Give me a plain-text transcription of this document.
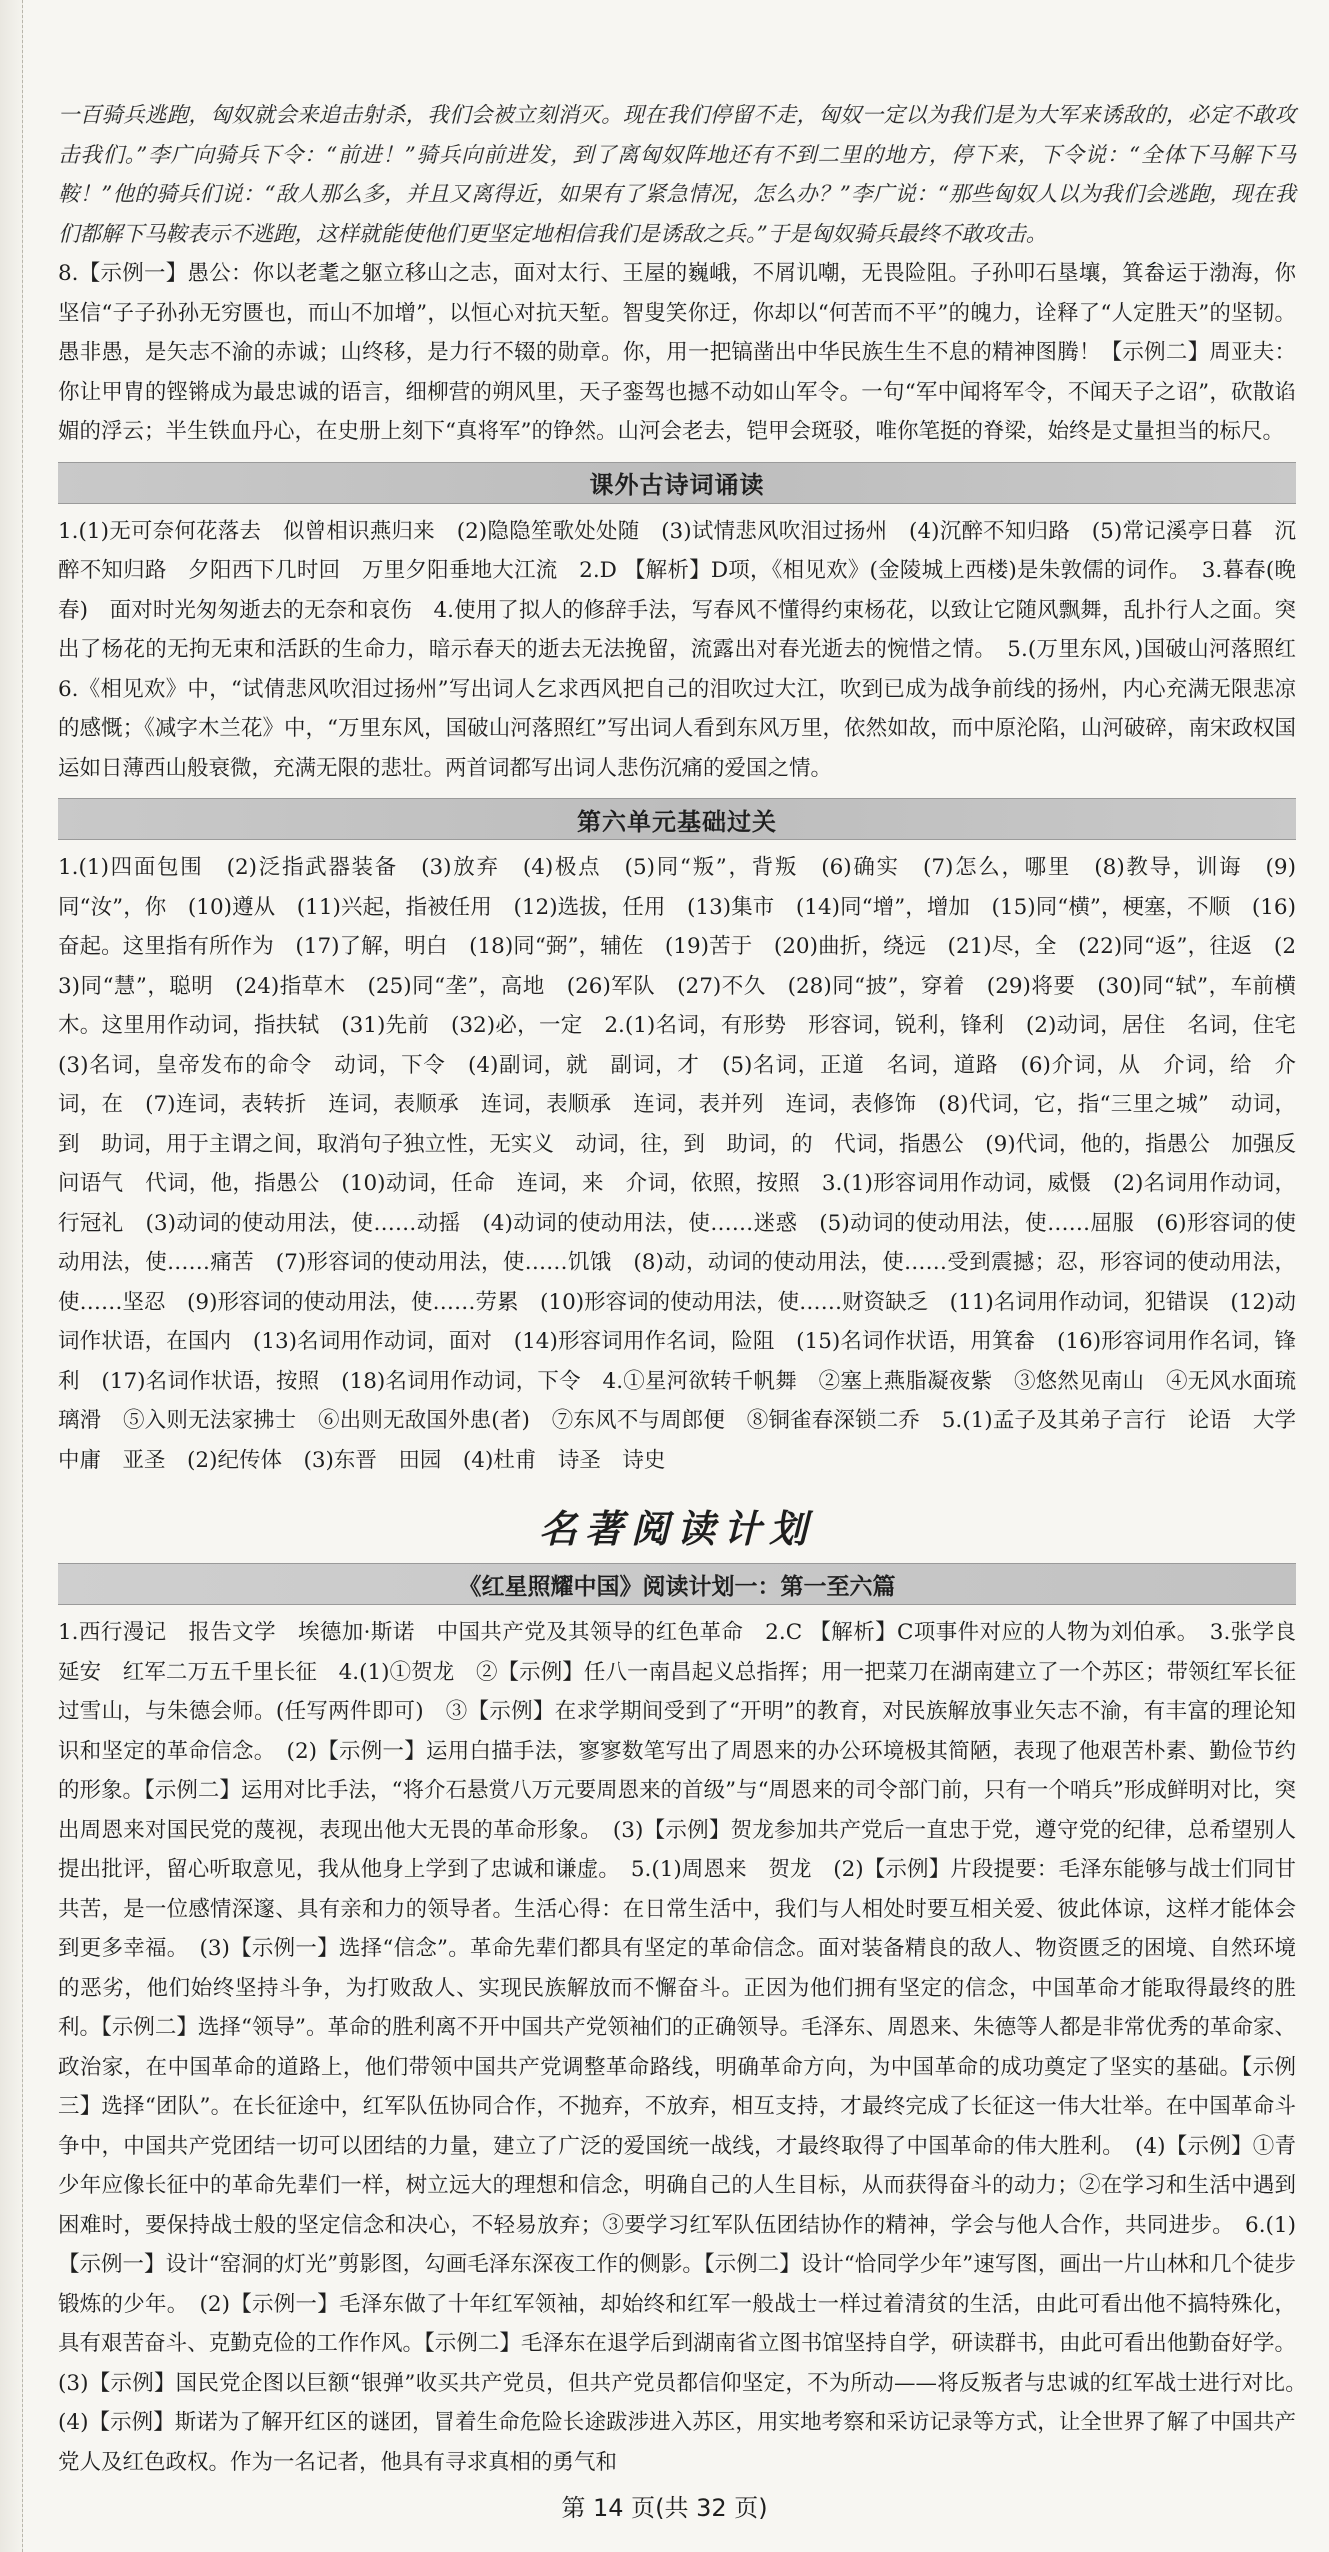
一百骑兵逃跑，匈奴就会来追击射杀，我们会被立刻消灭。现在我们停留不走，匈奴一定以为我们是为大军来诱敌的，必定不敢攻击我们。”李广向骑兵下令：“前进！”骑兵向前进发，到了离匈奴阵地还有不到二里的地方，停下来，下令说：“全体下马解下马鞍！”他的骑兵们说：“敌人那么多，并且又离得近，如果有了紧急情况，怎么办？”李广说：“那些匈奴人以为我们会逃跑，现在我们都解下马鞍表示不逃跑，这样就能使他们更坚定地相信我们是诱敌之兵。”于是匈奴骑兵最终不敢攻击。

8.【示例一】愚公：你以老耄之躯立移山之志，面对太行、王屋的巍峨，不屑讥嘲，无畏险阻。子孙叩石垦壤，箕畚运于渤海，你坚信“子子孙孙无穷匮也，而山不加增”，以恒心对抗天堑。智叟笑你迂，你却以“何苦而不平”的魄力，诠释了“人定胜天”的坚韧。愚非愚，是矢志不渝的赤诚；山终移，是力行不辍的勋章。你，用一把镐凿出中华民族生生不息的精神图腾！【示例二】周亚夫：你让甲胄的铿锵成为最忠诚的语言，细柳营的朔风里，天子銮驾也撼不动如山军令。一句“军中闻将军令，不闻天子之诏”，砍散谄媚的浮云；半生铁血丹心，在史册上刻下“真将军”的铮然。山河会老去，铠甲会斑驳，唯你笔挺的脊梁，始终是丈量担当的标尺。

课外古诗词诵读

1.(1)无可奈何花落去　似曾相识燕归来　(2)隐隐笙歌处处随　(3)试情悲风吹泪过扬州　(4)沉醉不知归路　(5)常记溪亭日暮　沉醉不知归路　夕阳西下几时回　万里夕阳垂地大江流　2.D 【解析】D项，《相见欢》(金陵城上西楼)是朱敦儒的词作。　3.暮春(晚春)　面对时光匆匆逝去的无奈和哀伤　4.使用了拟人的修辞手法，写春风不懂得约束杨花，以致让它随风飘舞，乱扑行人之面。突出了杨花的无拘无束和活跃的生命力，暗示春天的逝去无法挽留，流露出对春光逝去的惋惜之情。　5.(万里东风，)国破山河落照红　6.《相见欢》中，“试倩悲风吹泪过扬州”写出词人乞求西风把自己的泪吹过大江，吹到已成为战争前线的扬州，内心充满无限悲凉的感慨；《减字木兰花》中，“万里东风，国破山河落照红”写出词人看到东风万里，依然如故，而中原沦陷，山河破碎，南宋政权国运如日薄西山般衰微，充满无限的悲壮。两首词都写出词人悲伤沉痛的爱国之情。

第六单元基础过关

1.(1)四面包围　(2)泛指武器装备　(3)放弃　(4)极点　(5)同“叛”，背叛　(6)确实　(7)怎么，哪里　(8)教导，训诲　(9)同“汝”，你　(10)遵从　(11)兴起，指被任用　(12)选拔，任用　(13)集市　(14)同“增”，增加　(15)同“横”，梗塞，不顺　(16)奋起。这里指有所作为　(17)了解，明白　(18)同“弼”，辅佐　(19)苦于　(20)曲折，绕远　(21)尽，全　(22)同“返”，往返　(23)同“慧”，聪明　(24)指草木　(25)同“垄”，高地　(26)军队　(27)不久　(28)同“披”，穿着　(29)将要　(30)同“轼”，车前横木。这里用作动词，指扶轼　(31)先前　(32)必，一定　2.(1)名词，有形势　形容词，锐利，锋利　(2)动词，居住　名词，住宅　(3)名词，皇帝发布的命令　动词，下令　(4)副词，就　副词，才　(5)名词，正道　名词，道路　(6)介词，从　介词，给　介词，在　(7)连词，表转折　连词，表顺承　连词，表顺承　连词，表并列　连词，表修饰　(8)代词，它，指“三里之城”　动词，到　助词，用于主谓之间，取消句子独立性，无实义　动词，往，到　助词，的　代词，指愚公　(9)代词，他的，指愚公　加强反问语气　代词，他，指愚公　(10)动词，任命　连词，来　介词，依照，按照　3.(1)形容词用作动词，威慑　(2)名词用作动词，行冠礼　(3)动词的使动用法，使……动摇　(4)动词的使动用法，使……迷惑　(5)动词的使动用法，使……屈服　(6)形容词的使动用法，使……痛苦　(7)形容词的使动用法，使……饥饿　(8)动，动词的使动用法，使……受到震撼；忍，形容词的使动用法，使……坚忍　(9)形容词的使动用法，使……劳累　(10)形容词的使动用法，使……财资缺乏　(11)名词用作动词，犯错误　(12)动词作状语，在国内　(13)名词用作动词，面对　(14)形容词用作名词，险阻　(15)名词作状语，用箕畚　(16)形容词用作名词，锋利　(17)名词作状语，按照　(18)名词用作动词，下令　4.①星河欲转千帆舞　②塞上燕脂凝夜紫　③悠然见南山　④无风水面琉璃滑　⑤入则无法家拂士　⑥出则无敌国外患(者)　⑦东风不与周郎便　⑧铜雀春深锁二乔　5.(1)孟子及其弟子言行　论语　大学　中庸　亚圣　(2)纪传体　(3)东晋　田园　(4)杜甫　诗圣　诗史

名著阅读计划
《红星照耀中国》阅读计划一：第一至六篇

1.西行漫记　报告文学　埃德加·斯诺　中国共产党及其领导的红色革命　2.C 【解析】C项事件对应的人物为刘伯承。　3.张学良　延安　红军二万五千里长征　4.(1)①贺龙　②【示例】任八一南昌起义总指挥；用一把菜刀在湖南建立了一个苏区；带领红军长征过雪山，与朱德会师。(任写两件即可)　③【示例】在求学期间受到了“开明”的教育，对民族解放事业矢志不渝，有丰富的理论知识和坚定的革命信念。　(2)【示例一】运用白描手法，寥寥数笔写出了周恩来的办公环境极其简陋，表现了他艰苦朴素、勤俭节约的形象。【示例二】运用对比手法，“将介石悬赏八万元要周恩来的首级”与“周恩来的司令部门前，只有一个哨兵”形成鲜明对比，突出周恩来对国民党的蔑视，表现出他大无畏的革命形象。　(3)【示例】贺龙参加共产党后一直忠于党，遵守党的纪律，总希望别人提出批评，留心听取意见，我从他身上学到了忠诚和谦虚。　5.(1)周恩来　贺龙　(2)【示例】片段提要：毛泽东能够与战士们同甘共苦，是一位感情深邃、具有亲和力的领导者。生活心得：在日常生活中，我们与人相处时要互相关爱、彼此体谅，这样才能体会到更多幸福。　(3)【示例一】选择“信念”。革命先辈们都具有坚定的革命信念。面对装备精良的敌人、物资匮乏的困境、自然环境的恶劣，他们始终坚持斗争，为打败敌人、实现民族解放而不懈奋斗。正因为他们拥有坚定的信念，中国革命才能取得最终的胜利。【示例二】选择“领导”。革命的胜利离不开中国共产党领袖们的正确领导。毛泽东、周恩来、朱德等人都是非常优秀的革命家、政治家，在中国革命的道路上，他们带领中国共产党调整革命路线，明确革命方向，为中国革命的成功奠定了坚实的基础。【示例三】选择“团队”。在长征途中，红军队伍协同合作，不抛弃，不放弃，相互支持，才最终完成了长征这一伟大壮举。在中国革命斗争中，中国共产党团结一切可以团结的力量，建立了广泛的爱国统一战线，才最终取得了中国革命的伟大胜利。　(4)【示例】①青少年应像长征中的革命先辈们一样，树立远大的理想和信念，明确自己的人生目标，从而获得奋斗的动力；②在学习和生活中遇到困难时，要保持战士般的坚定信念和决心，不轻易放弃；③要学习红军队伍团结协作的精神，学会与他人合作，共同进步。　6.(1)【示例一】设计“窑洞的灯光”剪影图，勾画毛泽东深夜工作的侧影。【示例二】设计“恰同学少年”速写图，画出一片山林和几个徒步锻炼的少年。　(2)【示例一】毛泽东做了十年红军领袖，却始终和红军一般战士一样过着清贫的生活，由此可看出他不搞特殊化，具有艰苦奋斗、克勤克俭的工作作风。【示例二】毛泽东在退学后到湖南省立图书馆坚持自学，研读群书，由此可看出他勤奋好学。(3)【示例】国民党企图以巨额“银弹”收买共产党员，但共产党员都信仰坚定，不为所动——将反叛者与忠诚的红军战士进行对比。　(4)【示例】斯诺为了解开红区的谜团，冒着生命危险长途跋涉进入苏区，用实地考察和采访记录等方式，让全世界了解了中国共产党人及红色政权。作为一名记者，他具有寻求真相的勇气和

第 14 页(共 32 页)
